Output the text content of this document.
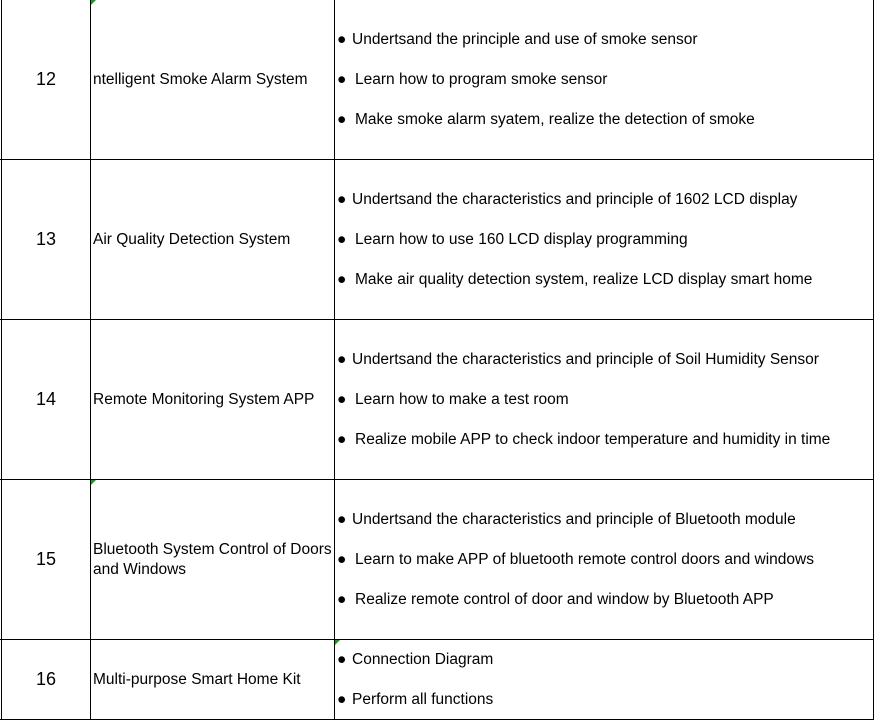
12	ntelligent Smoke Alarm System
● Undertsand the principle and use of smoke sensor
● Learn how to program smoke sensor
● Make smoke alarm syatem, realize the detection of smoke
13	Air Quality Detection System
● Undertsand the characteristics and principle of 1602 LCD display
● Learn how to use 160 LCD display programming
● Make air quality detection system, realize LCD display smart home
14	Remote Monitoring System APP
● Undertsand the characteristics and principle of Soil Humidity Sensor
● Learn how to make a test room
● Realize mobile APP to check indoor temperature and humidity in time
15	Bluetooth System Control of Doors and Windows
● Undertsand the characteristics and principle of Bluetooth module
● Learn to make APP of bluetooth remote control doors and windows
● Realize remote control of door and window by Bluetooth APP
16	Multi-purpose Smart Home Kit
● Connection Diagram
● Perform all functions
